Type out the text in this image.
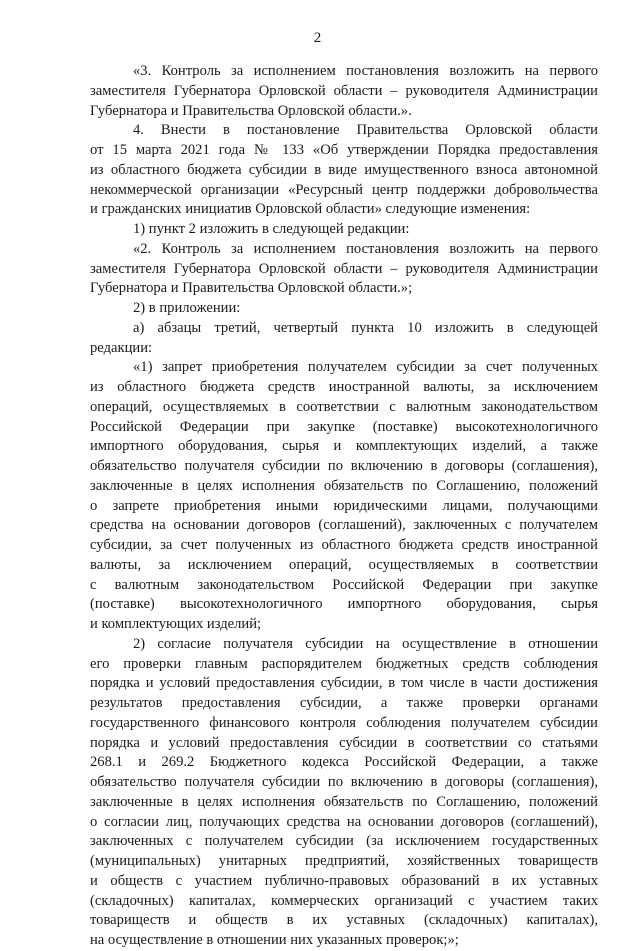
2
«3. Контроль за исполнением постановления возложить на первого
заместителя Губернатора Орловской области – руководителя Администрации
Губернатора и Правительства Орловской области.».
4. Внести в постановление Правительства Орловской области
от 15 марта 2021 года № 133 «Об утверждении Порядка предоставления
из областного бюджета субсидии в виде имущественного взноса автономной
некоммерческой организации «Ресурсный центр поддержки добровольчества
и гражданских инициатив Орловской области» следующие изменения:
1) пункт 2 изложить в следующей редакции:
«2. Контроль за исполнением постановления возложить на первого
заместителя Губернатора Орловской области – руководителя Администрации
Губернатора и Правительства Орловской области.»;
2) в приложении:
а) абзацы третий, четвертый пункта 10 изложить в следующей
редакции:
«1) запрет приобретения получателем субсидии за счет полученных
из областного бюджета средств иностранной валюты, за исключением
операций, осуществляемых в соответствии с валютным законодательством
Российской Федерации при закупке (поставке) высокотехнологичного
импортного оборудования, сырья и комплектующих изделий, а также
обязательство получателя субсидии по включению в договоры (соглашения),
заключенные в целях исполнения обязательств по Соглашению, положений
о запрете приобретения иными юридическими лицами, получающими
средства на основании договоров (соглашений), заключенных с получателем
субсидии, за счет полученных из областного бюджета средств иностранной
валюты, за исключением операций, осуществляемых в соответствии
с валютным законодательством Российской Федерации при закупке
(поставке) высокотехнологичного импортного оборудования, сырья
и комплектующих изделий;
2) согласие получателя субсидии на осуществление в отношении
его проверки главным распорядителем бюджетных средств соблюдения
порядка и условий предоставления субсидии, в том числе в части достижения
результатов предоставления субсидии, а также проверки органами
государственного финансового контроля соблюдения получателем субсидии
порядка и условий предоставления субсидии в соответствии со статьями
268.1 и 269.2 Бюджетного кодекса Российской Федерации, а также
обязательство получателя субсидии по включению в договоры (соглашения),
заключенные в целях исполнения обязательств по Соглашению, положений
о согласии лиц, получающих средства на основании договоров (соглашений),
заключенных с получателем субсидии (за исключением государственных
(муниципальных) унитарных предприятий, хозяйственных товариществ
и обществ с участием публично-правовых образований в их уставных
(складочных) капиталах, коммерческих организаций с участием таких
товариществ и обществ в их уставных (складочных) капиталах),
на осуществление в отношении них указанных проверок;»;
